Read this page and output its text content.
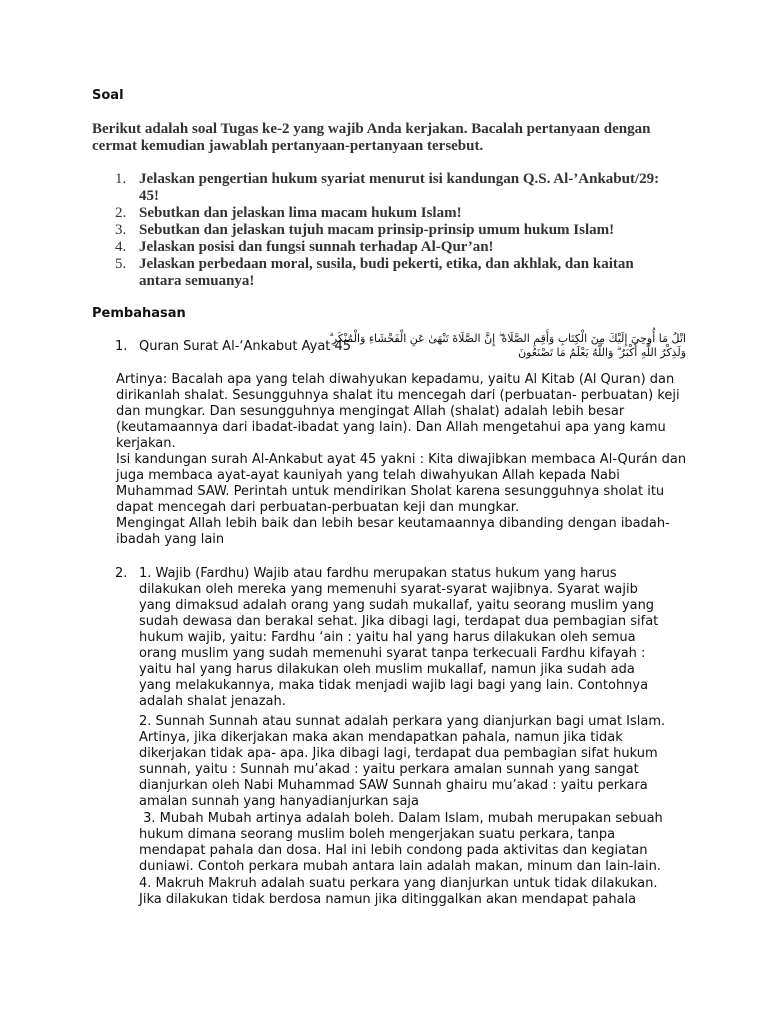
Soal
Berikut adalah soal Tugas ke-2 yang wajib Anda kerjakan. Bacalah pertanyaan dengan cermat kemudian jawablah pertanyaan-pertanyaan tersebut.
1. Jelaskan pengertian hukum syariat menurut isi kandungan Q.S. Al-’Ankabut/29: 45!
2. Sebutkan dan jelaskan lima macam hukum Islam!
3. Sebutkan dan jelaskan tujuh macam prinsip-prinsip umum hukum Islam!
4. Jelaskan posisi dan fungsi sunnah terhadap Al-Qur’an!
5. Jelaskan perbedaan moral, susila, budi pekerti, etika, dan akhlak, dan kaitan antara semuanya!
Pembahasan
1. Quran Surat Al-‘Ankabut Ayat 45
اتْلُ مَا أُوحِيَ إِلَيْكَ مِنَ الْكِتَابِ وَأَقِمِ الصَّلَاةَ ۖ إِنَّ الصَّلَاةَ تَنْهَىٰ عَنِ الْفَحْشَاءِ وَالْمُنْكَرِ ۗ وَلَذِكْرُ اللَّهِ أَكْبَرُ ۗ وَاللَّهُ يَعْلَمُ مَا تَصْنَعُونَ
Artinya: Bacalah apa yang telah diwahyukan kepadamu, yaitu Al Kitab (Al Quran) dan dirikanlah shalat. Sesungguhnya shalat itu mencegah dari (perbuatan- perbuatan) keji dan mungkar. Dan sesungguhnya mengingat Allah (shalat) adalah lebih besar (keutamaannya dari ibadat-ibadat yang lain). Dan Allah mengetahui apa yang kamu kerjakan.
Isi kandungan surah Al-Ankabut ayat 45 yakni : Kita diwajibkan membaca Al-Qurán dan juga membaca ayat-ayat kauniyah yang telah diwahyukan Allah kepada Nabi Muhammad SAW. Perintah untuk mendirikan Sholat karena sesungguhnya sholat itu dapat mencegah dari perbuatan-perbuatan keji dan mungkar.
Mengingat Allah lebih baik dan lebih besar keutamaannya dibanding dengan ibadah- ibadah yang lain
2. 1. Wajib (Fardhu) Wajib atau fardhu merupakan status hukum yang harus dilakukan oleh mereka yang memenuhi syarat-syarat wajibnya. Syarat wajib yang dimaksud adalah orang yang sudah mukallaf, yaitu seorang muslim yang sudah dewasa dan berakal sehat. Jika dibagi lagi, terdapat dua pembagian sifat hukum wajib, yaitu: Fardhu ‘ain : yaitu hal yang harus dilakukan oleh semua orang muslim yang sudah memenuhi syarat tanpa terkecuali Fardhu kifayah : yaitu hal yang harus dilakukan oleh muslim mukallaf, namun jika sudah ada yang melakukannya, maka tidak menjadi wajib lagi bagi yang lain. Contohnya adalah shalat jenazah.
2. Sunnah Sunnah atau sunnat adalah perkara yang dianjurkan bagi umat Islam. Artinya, jika dikerjakan maka akan mendapatkan pahala, namun jika tidak dikerjakan tidak apa- apa. Jika dibagi lagi, terdapat dua pembagian sifat hukum sunnah, yaitu : Sunnah mu’akad : yaitu perkara amalan sunnah yang sangat dianjurkan oleh Nabi Muhammad SAW Sunnah ghairu mu’akad : yaitu perkara amalan sunnah yang hanyadianjurkan saja
3. Mubah Mubah artinya adalah boleh. Dalam Islam, mubah merupakan sebuah hukum dimana seorang muslim boleh mengerjakan suatu perkara, tanpa mendapat pahala dan dosa. Hal ini lebih condong pada aktivitas dan kegiatan duniawi. Contoh perkara mubah antara lain adalah makan, minum dan lain-lain.
4. Makruh Makruh adalah suatu perkara yang dianjurkan untuk tidak dilakukan. Jika dilakukan tidak berdosa namun jika ditinggalkan akan mendapat pahala
